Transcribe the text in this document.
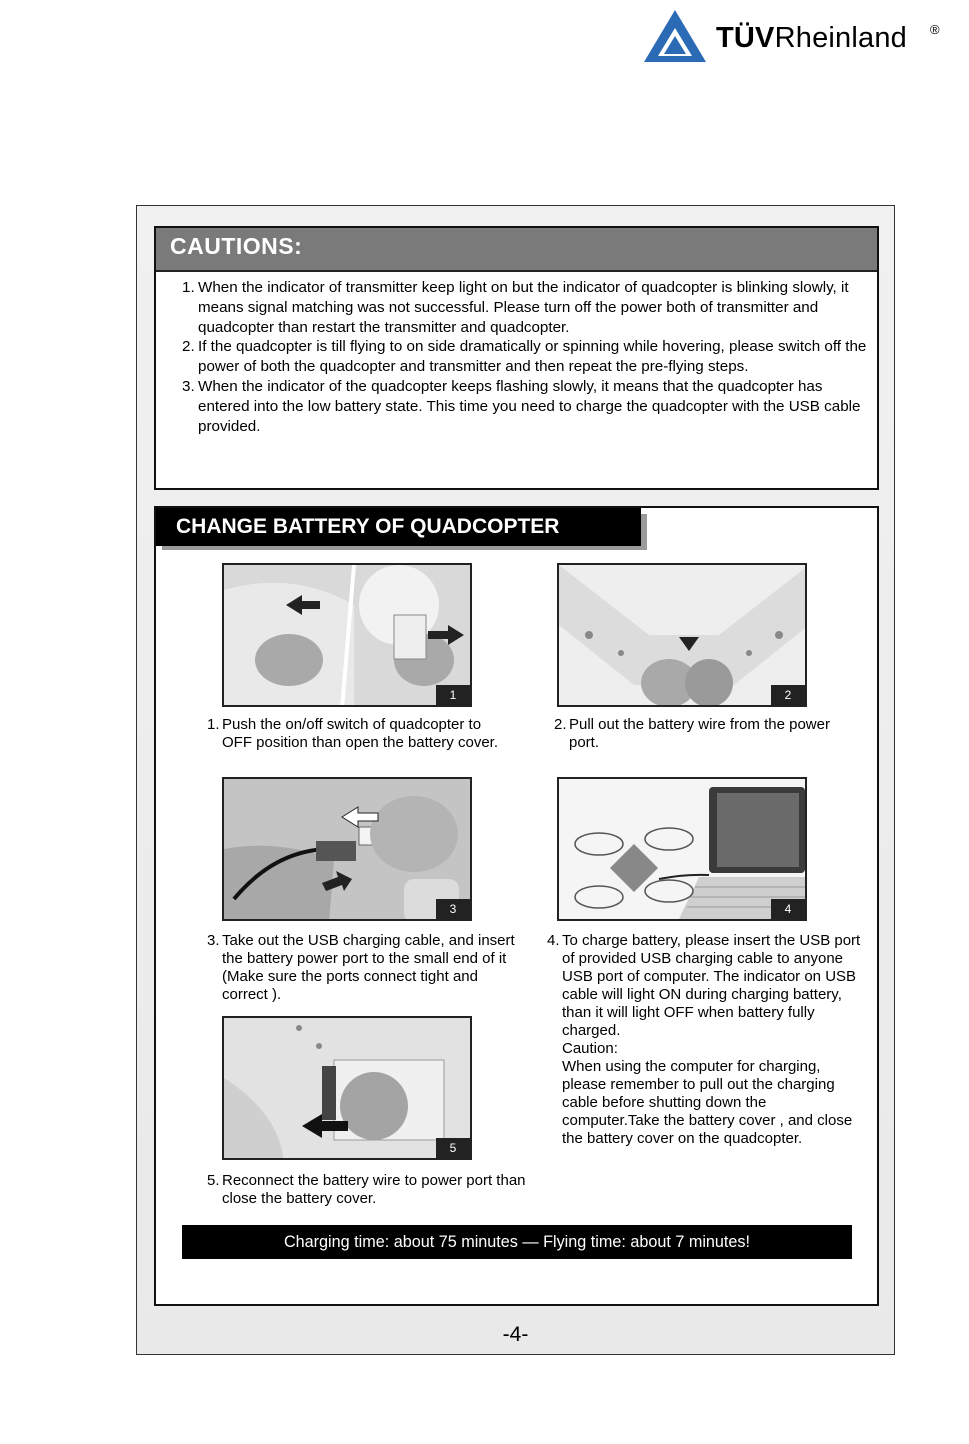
TÜVRheinland ®
CAUTIONS:
1. When the indicator of transmitter keep light on but the indicator of quadcopter is blinking slowly, it means signal matching was not successful. Please turn off the power both of transmitter and quadcopter than restart the transmitter and quadcopter.
2. If the quadcopter is till flying to on side dramatically or spinning while hovering, please switch off the power of both the quadcopter and transmitter and then repeat the pre-flying steps.
3. When the indicator of the quadcopter keeps flashing slowly, it means that the quadcopter has entered into the low battery state. This time you need to charge the quadcopter with the USB cable provided.
CHANGE BATTERY OF QUADCOPTER
1	2
1. Push the on/off switch of quadcopter to OFF position than open the battery cover.
2. Pull out the battery wire from the power port.
3	4
3. Take out the USB charging cable, and insert the battery power port to the small end of it (Make sure the ports connect tight and correct ).
4. To charge battery, please insert the USB port of provided USB charging cable to anyone USB port of computer. The indicator on USB cable will light ON during charging battery, than it will light OFF when battery fully charged.
Caution:
When using the computer for charging, please remember to pull out the charging cable before shutting down the computer.Take the battery cover , and close the battery cover on the quadcopter.
5
5. Reconnect the battery wire to power port than close the battery cover.
Charging time: about 75 minutes — Flying time: about 7 minutes!
-4-
